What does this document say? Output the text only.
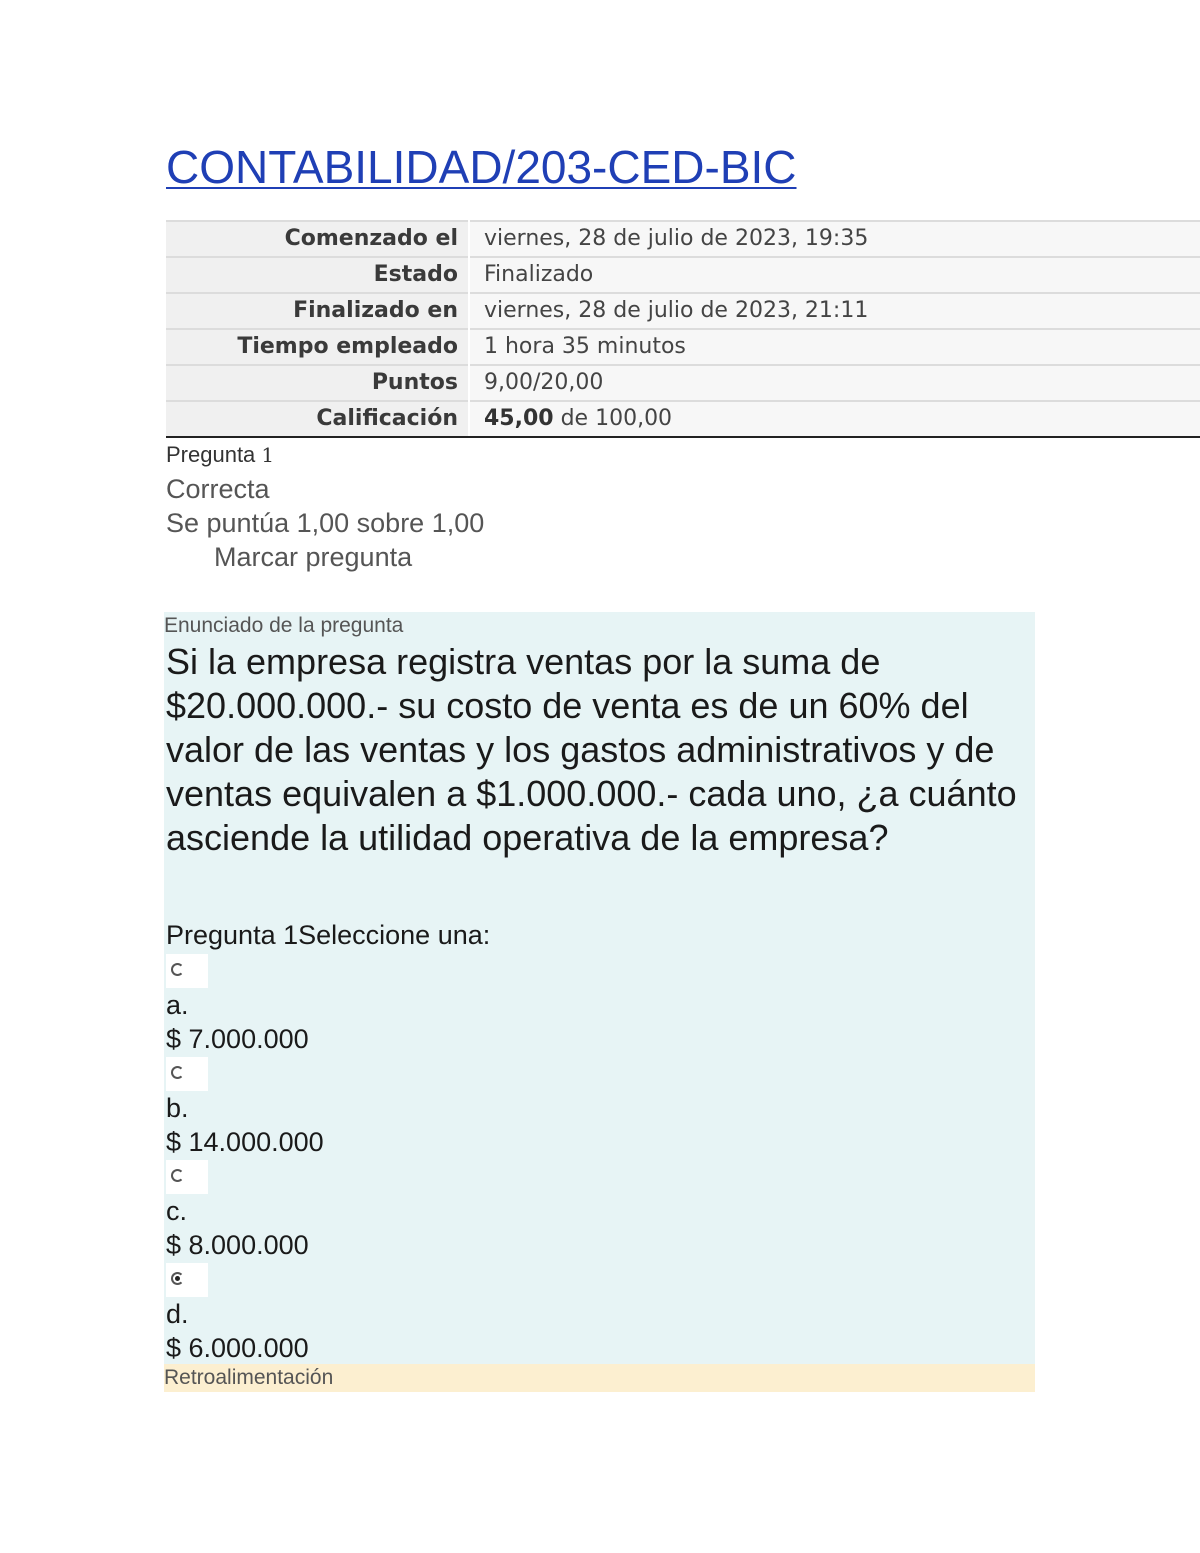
CONTABILIDAD/203-CED-BIC
Comenzado el	viernes, 28 de julio de 2023, 19:35
Estado	Finalizado
Finalizado en	viernes, 28 de julio de 2023, 21:11
Tiempo empleado	1 hora 35 minutos
Puntos	9,00/20,00
Calificación	45,00 de 100,00
Pregunta 1
Correcta
Se puntúa 1,00 sobre 1,00
Marcar pregunta
Enunciado de la pregunta

Si la empresa registra ventas por la suma de $20.000.000.- su costo de venta es de un 60% del valor de las ventas y los gastos administrativos y de ventas equivalen a $1.000.000.- cada uno, ¿a cuánto asciende la utilidad operativa de la empresa?

Pregunta 1Seleccione una:
a.
$ 7.000.000
b.
$ 14.000.000
c.
$ 8.000.000
d.
$ 6.000.000
Retroalimentación
